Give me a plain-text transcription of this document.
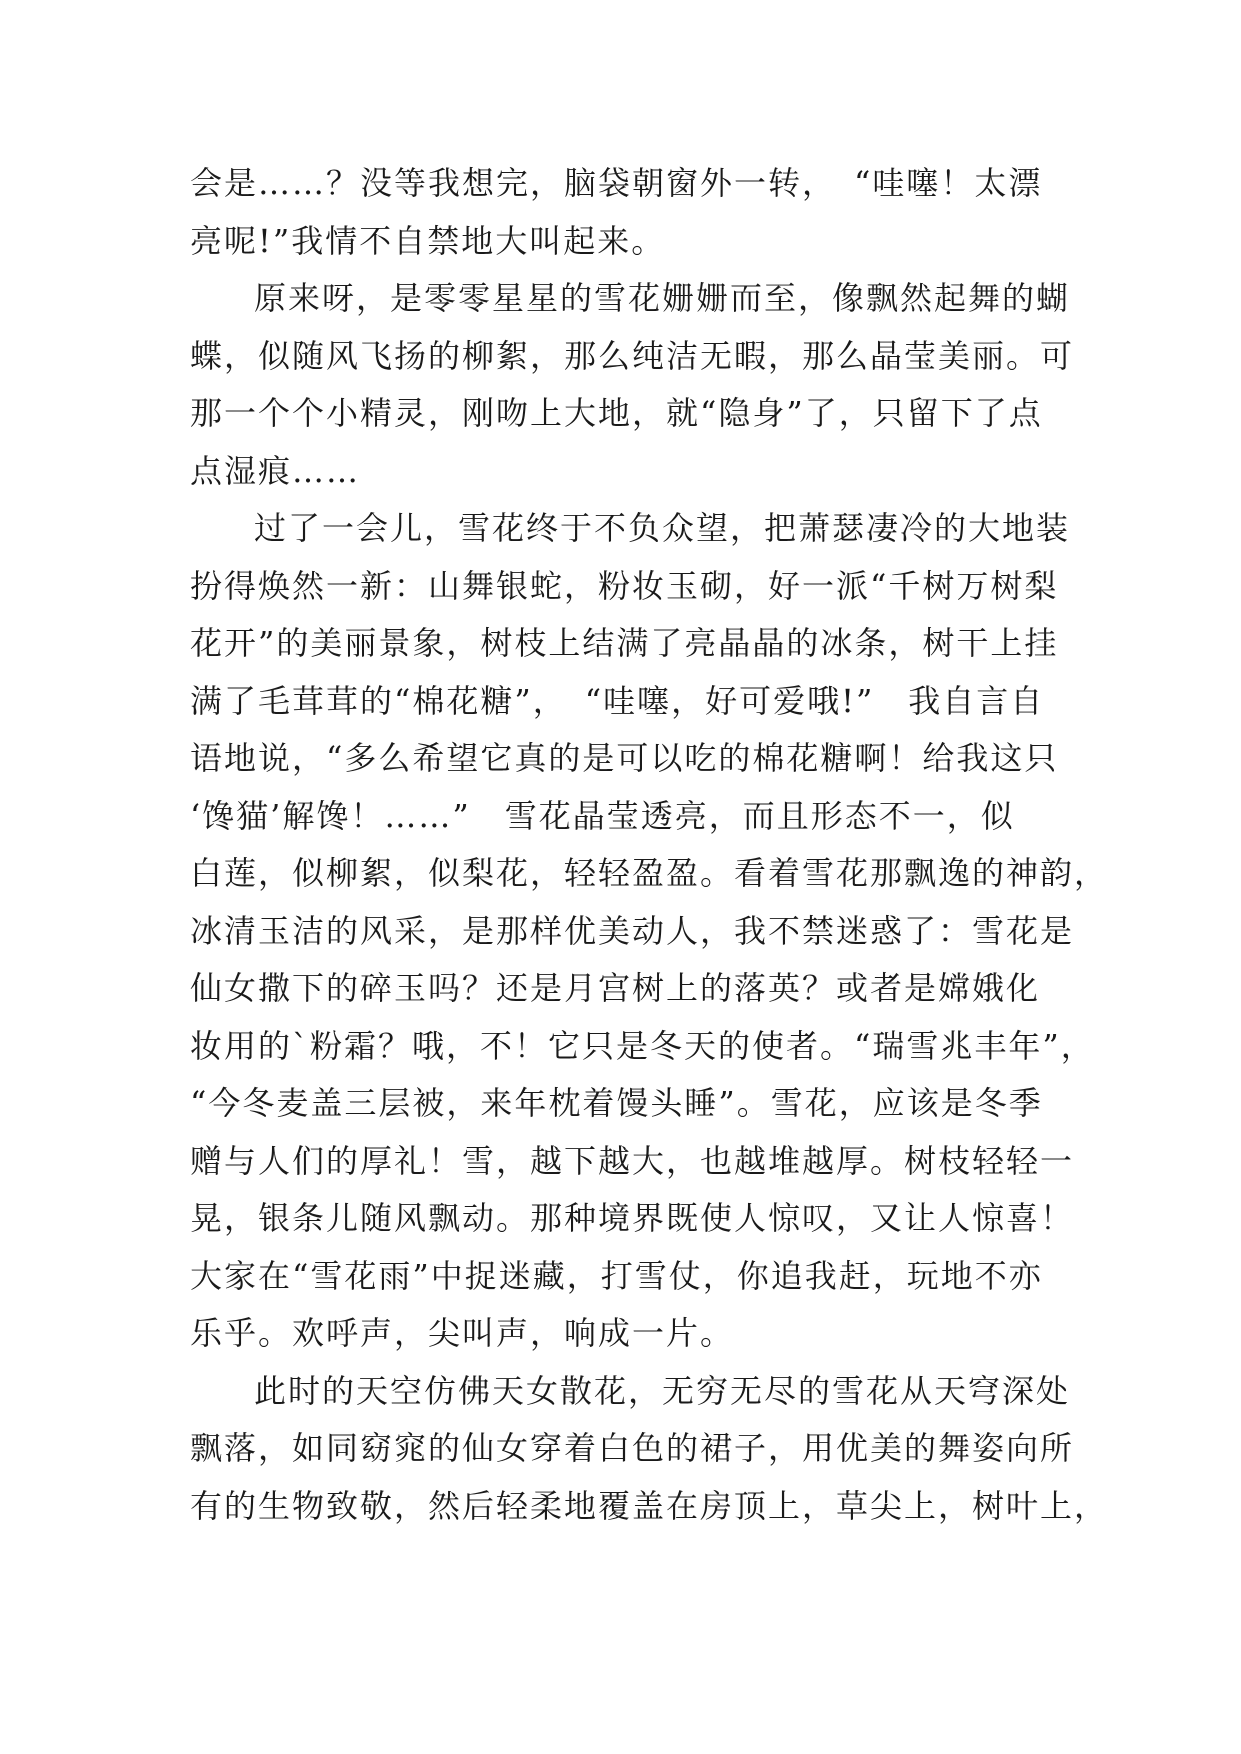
会是……？没等我想完，脑袋朝窗外一转，　“哇噻！太漂
亮呢!”我情不自禁地大叫起来。
原来呀，是零零星星的雪花姗姗而至，像飘然起舞的蝴
蝶，似随风飞扬的柳絮，那么纯洁无暇，那么晶莹美丽。可
那一个个小精灵，刚吻上大地，就“隐身”了，只留下了点
点湿痕……
过了一会儿，雪花终于不负众望，把萧瑟凄冷的大地装
扮得焕然一新：山舞银蛇，粉妆玉砌，好一派“千树万树梨
花开”的美丽景象，树枝上结满了亮晶晶的冰条，树干上挂
满了毛茸茸的“棉花糖”，　“哇噻，好可爱哦!”　我自言自
语地说，“多么希望它真的是可以吃的棉花糖啊！给我这只
‘馋猫’解馋！……”　雪花晶莹透亮，而且形态不一，似
白莲，似柳絮，似梨花，轻轻盈盈。看着雪花那飘逸的神韵，
冰清玉洁的风采，是那样优美动人，我不禁迷惑了：雪花是
仙女撒下的碎玉吗？还是月宫树上的落英？或者是嫦娥化
妆用的`粉霜？哦，不！它只是冬天的使者。“瑞雪兆丰年”，
“今冬麦盖三层被，来年枕着馒头睡”。雪花，应该是冬季
赠与人们的厚礼！雪，越下越大，也越堆越厚。树枝轻轻一
晃，银条儿随风飘动。那种境界既使人惊叹，又让人惊喜！
大家在“雪花雨”中捉迷藏，打雪仗，你追我赶，玩地不亦
乐乎。欢呼声，尖叫声，响成一片。
此时的天空仿佛天女散花，无穷无尽的雪花从天穹深处
飘落，如同窈窕的仙女穿着白色的裙子，用优美的舞姿向所
有的生物致敬，然后轻柔地覆盖在房顶上，草尖上，树叶上，
